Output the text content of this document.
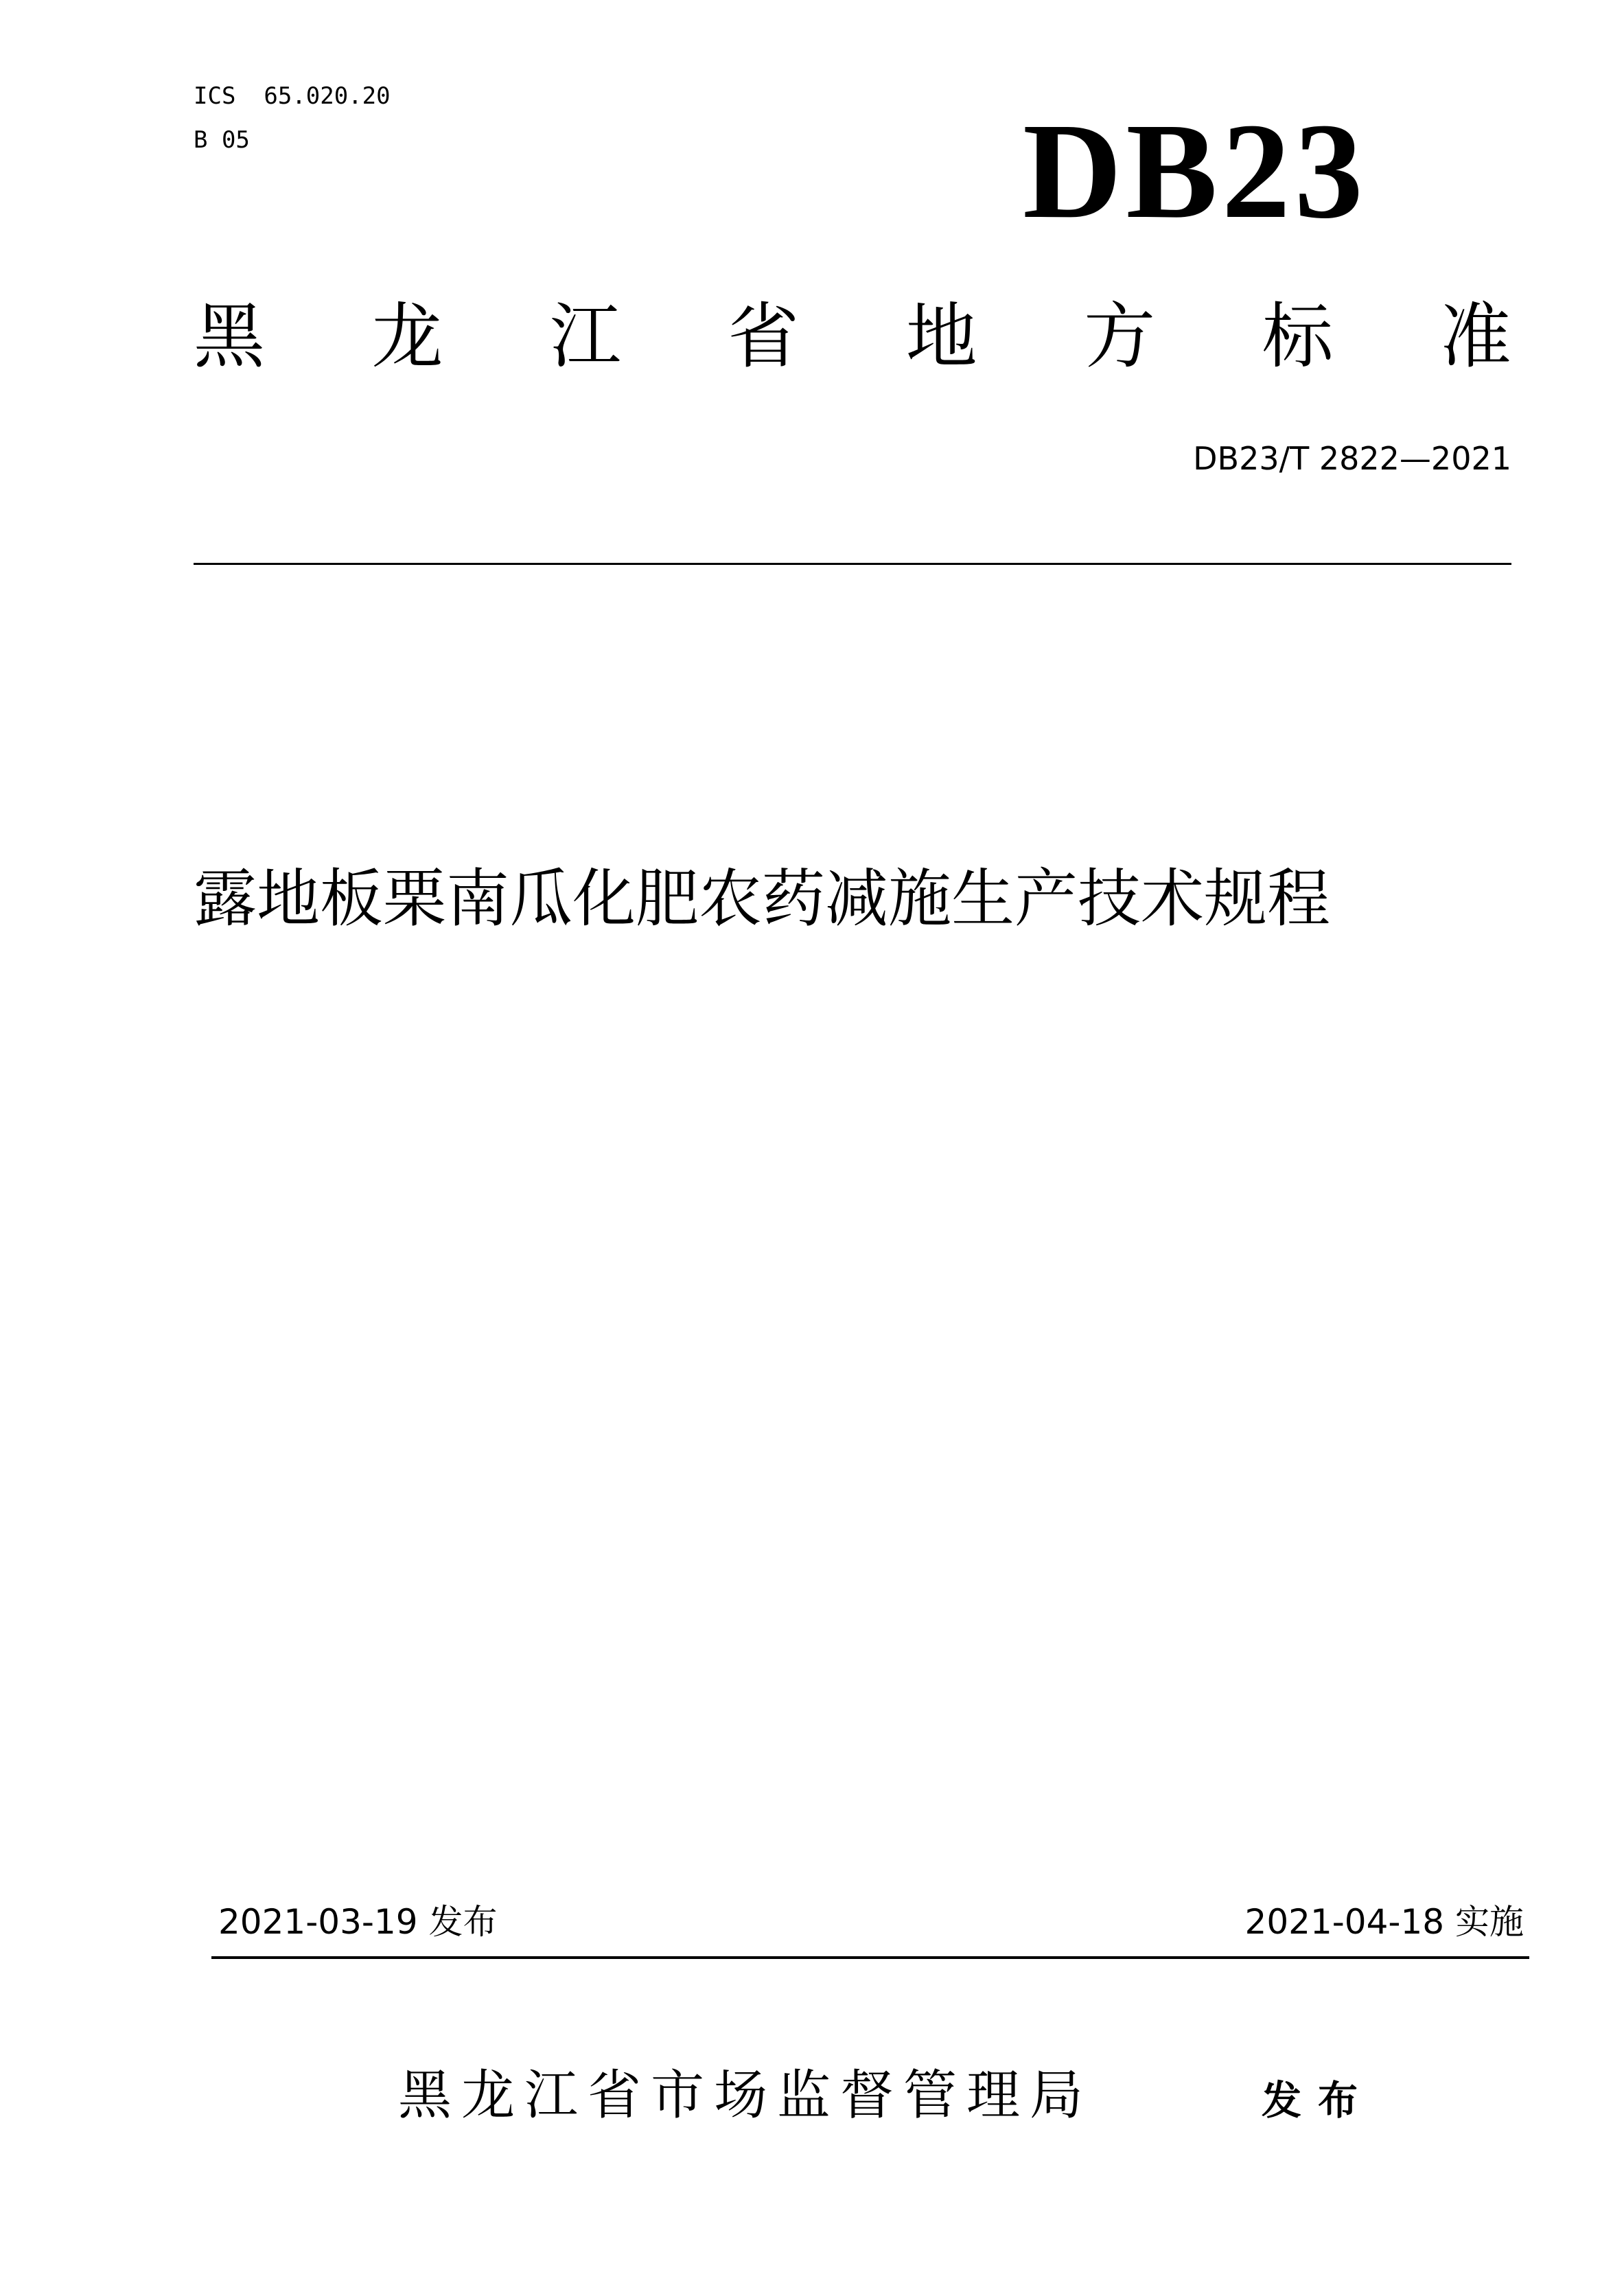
ICS  65.020.20
B 05	DB23
黑 龙 江 省 地 方 标 准
DB23/T 2822—2021
露地板栗南瓜化肥农药减施生产技术规程
2021-03-19 发布	2021-04-18 实施
黑龙江省市场监督管理局	发布
